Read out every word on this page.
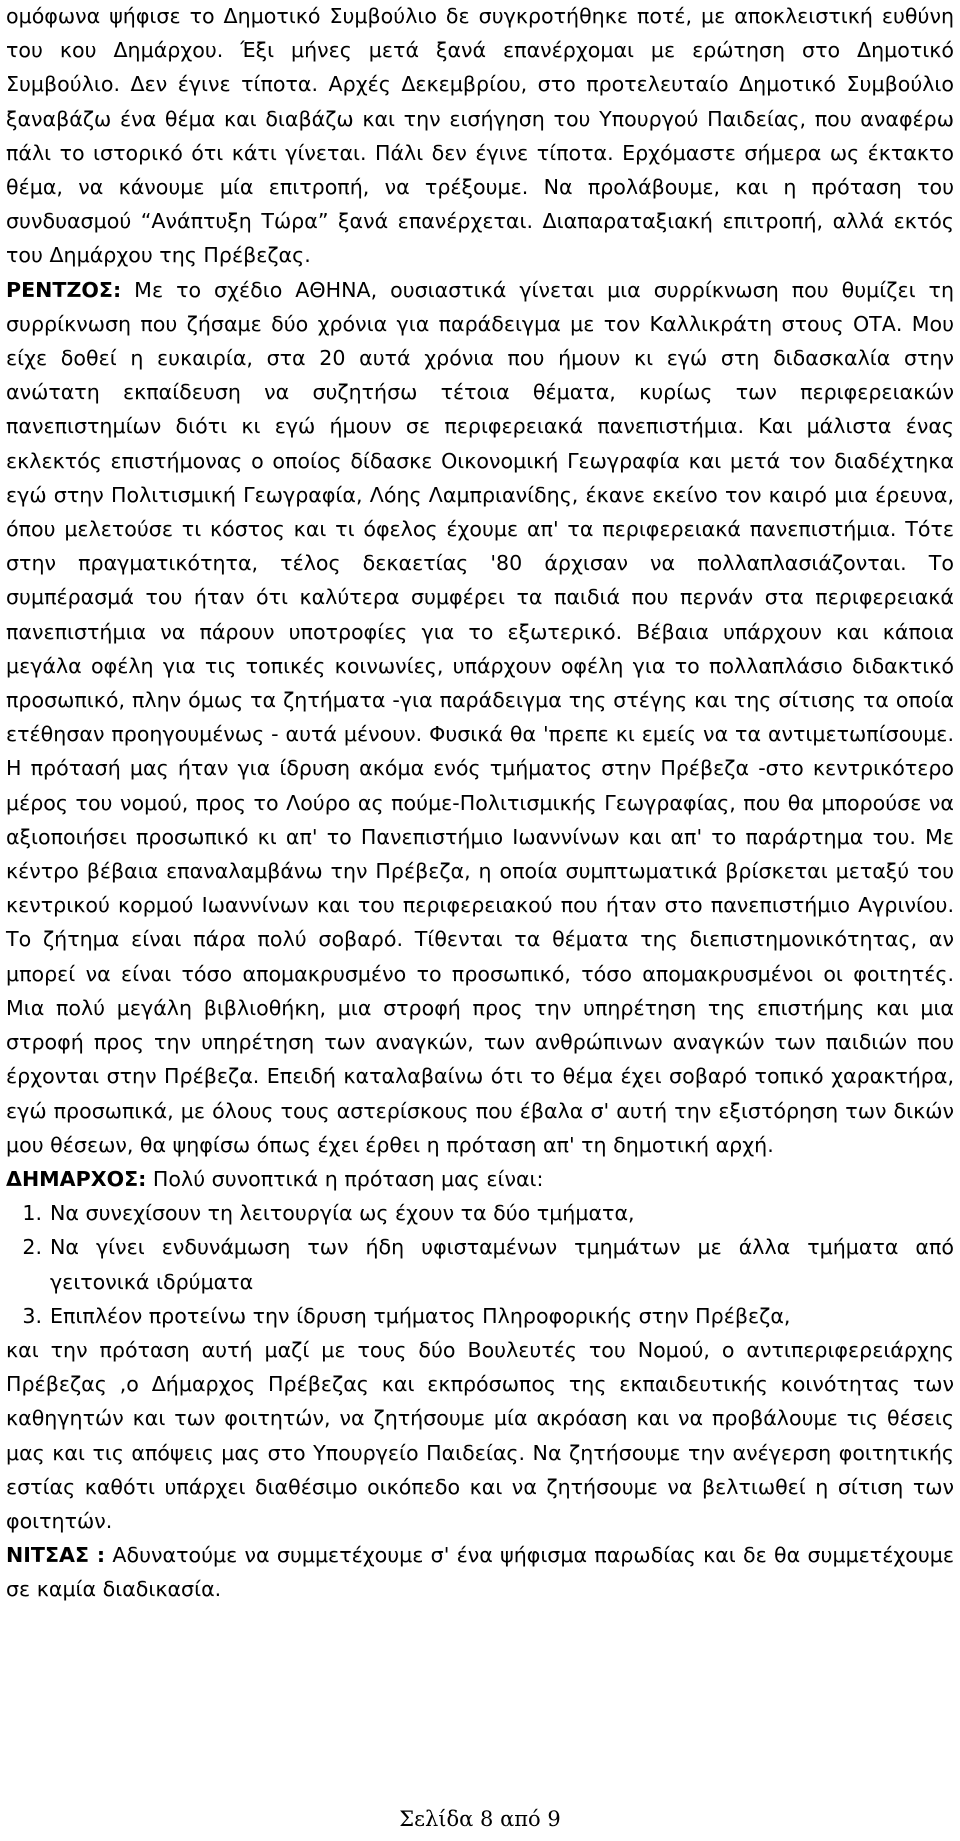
ομόφωνα ψήφισε το Δημοτικό Συμβούλιο δε συγκροτήθηκε ποτέ, με αποκλειστική ευθύνη του κου Δημάρχου. Έξι μήνες μετά ξανά επανέρχομαι με ερώτηση στο Δημοτικό Συμβούλιο. Δεν έγινε τίποτα. Αρχές Δεκεμβρίου, στο προτελευταίο Δημοτικό Συμβούλιο ξαναβάζω ένα θέμα και διαβάζω και την εισήγηση του Υπουργού Παιδείας, που αναφέρω πάλι το ιστορικό ότι κάτι γίνεται. Πάλι δεν έγινε τίποτα. Ερχόμαστε σήμερα ως έκτακτο θέμα, να κάνουμε μία επιτροπή, να τρέξουμε. Να προλάβουμε, και η πρόταση του συνδυασμού “Ανάπτυξη Τώρα” ξανά επανέρχεται. Διαπαραταξιακή επιτροπή, αλλά εκτός του Δημάρχου της Πρέβεζας.

ΡΕΝΤΖΟΣ: Με το σχέδιο ΑΘΗΝΑ, ουσιαστικά γίνεται μια συρρίκνωση που θυμίζει τη συρρίκνωση που ζήσαμε δύο χρόνια για παράδειγμα με τον Καλλικράτη στους ΟΤΑ. Μου είχε δοθεί η ευκαιρία, στα 20 αυτά χρόνια που ήμουν κι εγώ στη διδασκαλία στην ανώτατη εκπαίδευση να συζητήσω τέτοια θέματα, κυρίως των περιφερειακών πανεπιστημίων διότι κι εγώ ήμουν σε περιφερειακά πανεπιστήμια. Και μάλιστα ένας εκλεκτός επιστήμονας ο οποίος δίδασκε Οικονομική Γεωγραφία και μετά τον διαδέχτηκα εγώ στην Πολιτισμική Γεωγραφία, Λόης Λαμπριανίδης, έκανε εκείνο τον καιρό μια έρευνα, όπου μελετούσε τι κόστος και τι όφελος έχουμε απ' τα περιφερειακά πανεπιστήμια. Τότε στην πραγματικότητα, τέλος δεκαετίας '80 άρχισαν να πολλαπλασιάζονται. Το συμπέρασμά του ήταν ότι καλύτερα συμφέρει τα παιδιά που περνάν στα περιφερειακά πανεπιστήμια να πάρουν υποτροφίες για το εξωτερικό. Βέβαια υπάρχουν και κάποια μεγάλα οφέλη για τις τοπικές κοινωνίες, υπάρχουν οφέλη για το πολλαπλάσιο διδακτικό προσωπικό, πλην όμως τα ζητήματα -για παράδειγμα της στέγης και της σίτισης τα οποία ετέθησαν προηγουμένως - αυτά μένουν. Φυσικά θα 'πρεπε κι εμείς να τα αντιμετωπίσουμε. Η πρότασή μας ήταν για ίδρυση ακόμα ενός τμήματος στην Πρέβεζα -στο κεντρικότερο μέρος του νομού, προς το Λούρο ας πούμε-Πολιτισμικής Γεωγραφίας, που θα μπορούσε να αξιοποιήσει προσωπικό κι απ' το Πανεπιστήμιο Ιωαννίνων και απ' το παράρτημα του. Με κέντρο βέβαια επαναλαμβάνω την Πρέβεζα, η οποία συμπτωματικά βρίσκεται μεταξύ του κεντρικού κορμού Ιωαννίνων και του περιφερειακού που ήταν στο πανεπιστήμιο Αγρινίου. Το ζήτημα είναι πάρα πολύ σοβαρό. Τίθενται τα θέματα της διεπιστημονικότητας, αν μπορεί να είναι τόσο απομακρυσμένο το προσωπικό, τόσο απομακρυσμένοι οι φοιτητές. Μια πολύ μεγάλη βιβλιοθήκη, μια στροφή προς την υπηρέτηση της επιστήμης και μια στροφή προς την υπηρέτηση των αναγκών, των ανθρώπινων αναγκών των παιδιών που έρχονται στην Πρέβεζα. Επειδή καταλαβαίνω ότι το θέμα έχει σοβαρό τοπικό χαρακτήρα, εγώ προσωπικά, με όλους τους αστερίσκους που έβαλα σ' αυτή την εξιστόρηση των δικών μου θέσεων, θα ψηφίσω όπως έχει έρθει η πρόταση απ' τη δημοτική αρχή.

ΔΗΜΑΡΧΟΣ: Πολύ συνοπτικά η πρόταση μας είναι:

1. Να συνεχίσουν τη λειτουργία ως έχουν τα δύο τμήματα,
2. Να γίνει ενδυνάμωση των ήδη υφισταμένων τμημάτων με άλλα τμήματα από γειτονικά ιδρύματα
3. Επιπλέον προτείνω την ίδρυση τμήματος Πληροφορικής στην Πρέβεζα,

και την πρόταση αυτή μαζί με τους δύο Βουλευτές του Νομού, ο αντιπεριφερειάρχης Πρέβεζας ,ο Δήμαρχος Πρέβεζας και εκπρόσωπος της εκπαιδευτικής κοινότητας των καθηγητών και των φοιτητών, να ζητήσουμε μία ακρόαση και να προβάλουμε τις θέσεις μας και τις απόψεις μας στο Υπουργείο Παιδείας. Να ζητήσουμε την ανέγερση φοιτητικής εστίας καθότι υπάρχει διαθέσιμο οικόπεδο και να ζητήσουμε να βελτιωθεί η σίτιση των φοιτητών.

ΝΙΤΣΑΣ : Αδυνατούμε να συμμετέχουμε σ' ένα ψήφισμα παρωδίας και δε θα συμμετέχουμε σε καμία διαδικασία.

Σελίδα 8 από 9
